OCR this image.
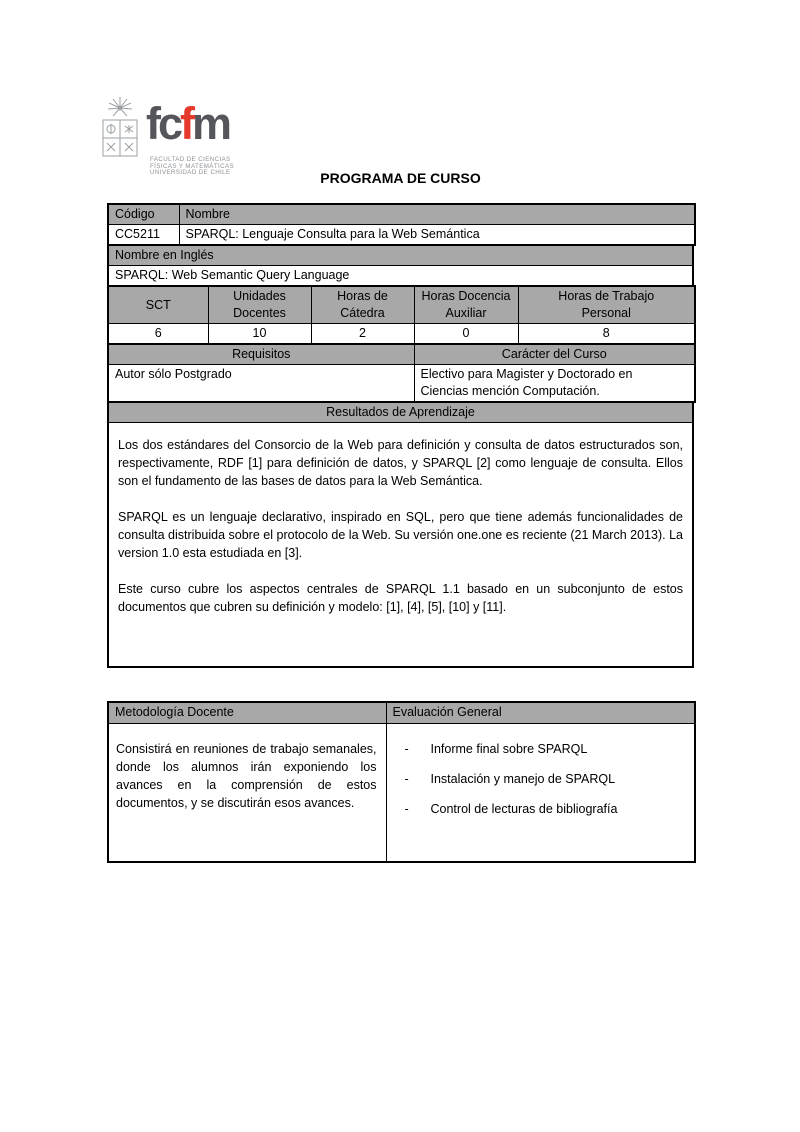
fcfm
FACULTAD DE CIENCIAS
FÍSICAS Y MATEMÁTICAS
UNIVERSIDAD DE CHILE	PROGRAMA DE CURSO
Código	Nombre
CC5211	SPARQL: Lenguaje Consulta para la Web Semántica
Nombre en Inglés
SPARQL: Web Semantic Query Language
SCT	Unidades Docentes	Horas de Cátedra	Horas Docencia Auxiliar	Horas de Trabajo Personal
6	10	2	0	8
Requisitos	Carácter del Curso
Autor sólo Postgrado	Electivo para Magister y Doctorado en Ciencias mención Computación.
Resultados de Aprendizaje

Los dos estándares del Consorcio de la Web para definición y consulta de datos estructurados son, respectivamente, RDF [1] para definición de datos, y SPARQL [2] como lenguaje de consulta. Ellos son el fundamento de las bases de datos para la Web Semántica.

SPARQL es un lenguaje declarativo, inspirado en SQL, pero que tiene además funcionalidades de consulta distribuida sobre el protocolo de la Web. Su versión one.one es reciente (21 March 2013). La version 1.0 esta estudiada en [3].

Este curso cubre los aspectos centrales de SPARQL 1.1 basado en un subconjunto de estos documentos que cubren su definición y modelo: [1], [4], [5], [10] y [11].

Metodología Docente	Evaluación General

Consistirá en reuniones de trabajo semanales, donde los alumnos irán exponiendo los avances en la comprensión de estos documentos, y se discutirán esos avances.

-	Informe final sobre SPARQL
-	Instalación y manejo de SPARQL
-	Control de lecturas de bibliografía
